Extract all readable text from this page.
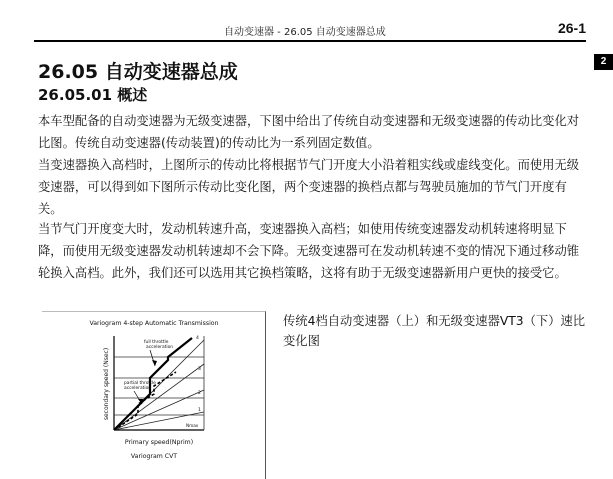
自动变速器 - 26.05 自动变速器总成	26-1
2
26.05 自动变速器总成
26.05.01 概述

本车型配备的自动变速器为无级变速器，下图中给出了传统自动变速器和无级变速器的传动比变化对比图。传统自动变速器(传动装置)的传动比为一系列固定数值。

当变速器换入高档时，上图所示的传动比将根据节气门开度大小沿着粗实线或虚线变化。而使用无级变速器，可以得到如下图所示传动比变化图，两个变速器的换档点都与驾驶员施加的节气门开度有关。

当节气门开度变大时，发动机转速升高，变速器换入高档；如使用传统变速器发动机转速将明显下降，而使用无级变速器发动机转速却不会下降。无级变速器可在发动机转速不变的情况下通过移动锥轮换入高档。此外，我们还可以选用其它换档策略，这将有助于无级变速器新用户更快的接受它。

Variogram 4-step Automatic Transmission
full throttle
acceleration
partial throttle
acceleration
4
3
2
1
Nmax
secondary speed (Nsec)
Primary speed(Nprim)
Variogram CVT

传统4档自动变速器（上）和无级变速器VT3（下）速比变化图
